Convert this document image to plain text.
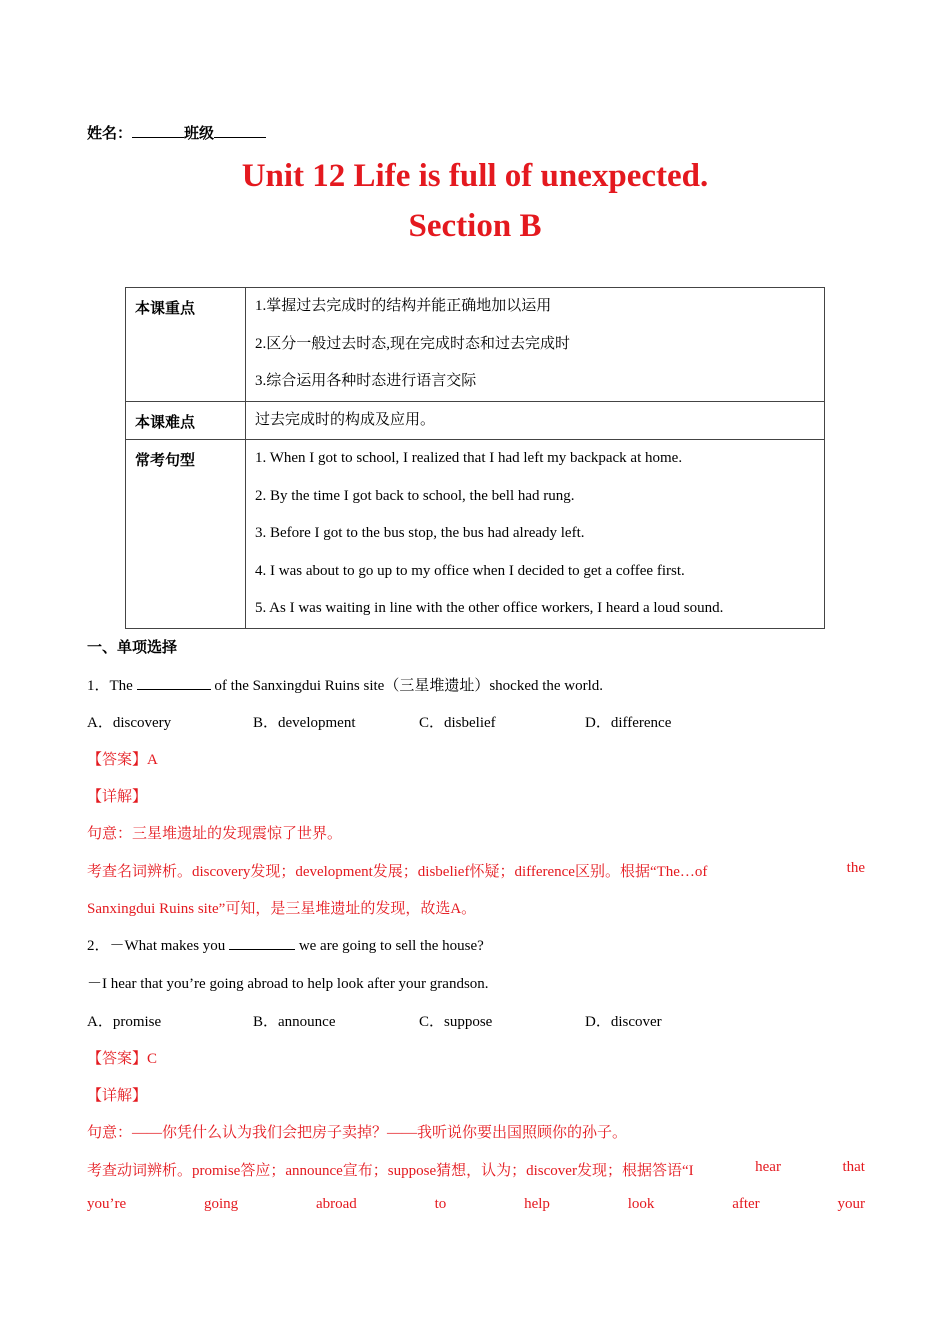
姓名：	班级
Unit 12 Life is full of unexpected.
Section B
本课重点	1.掌握过去完成时的结构并能正确地加以运用
2.区分一般过去时态,现在完成时态和过去完成时
3.综合运用各种时态进行语言交际

本课难点	过去完成时的构成及应用。

常考句型	1. When I got to school, I realized that I had left my backpack at home.
2. By the time I got back to school, the bell had rung.
3. Before I got to the bus stop, the bus had already left.
4. I was about to go up to my office when I decided to get a coffee first.
5. As I was waiting in line with the other office workers, I heard a loud sound.
一、单项选择
1．The	of the Sanxingdui Ruins site（三星堆遗址）shocked the world.
A．discovery	B．development	C．disbelief	D．difference
【答案】A
【详解】
句意：三星堆遗址的发现震惊了世界。
考查名词辨析。discovery发现；development发展；disbelief怀疑；difference区别。根据“The…of	the
Sanxingdui Ruins site”可知，是三星堆遗址的发现，故选A。
2．－What makes you	we are going to sell the house?
－I hear that you’re going abroad to help look after your grandson.
A．promise	B．announce	C．suppose	D．discover
【答案】C
【详解】
句意：——你凭什么认为我们会把房子卖掉？——我听说你要出国照顾你的孙子。
考查动词辨析。promise答应；announce宣布；suppose猜想，认为；discover发现；根据答语“I	hear	that
you’re	going	abroad	to	help	look	after	your
